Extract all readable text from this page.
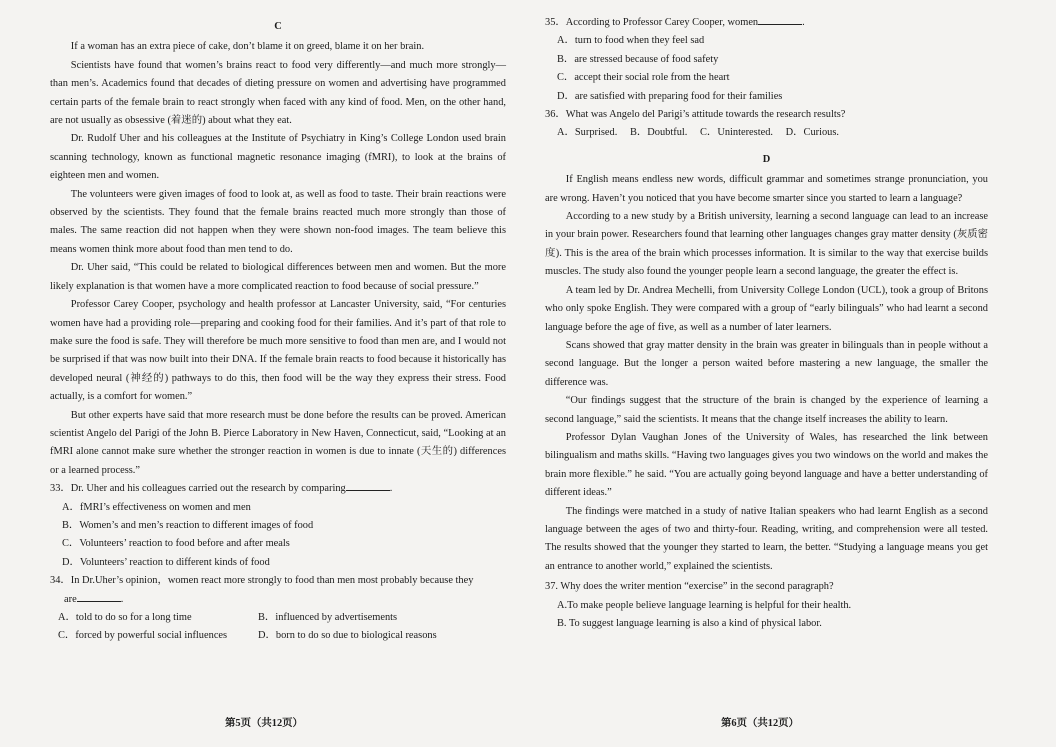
C

If a woman has an extra piece of cake, don’t blame it on greed, blame it on her brain.

Scientists have found that women’s brains react to food very differently—and much more strongly—than men’s. Academics found that decades of dieting pressure on women and advertising have programmed certain parts of the female brain to react strongly when faced with any kind of food. Men, on the other hand, are not usually as obsessive (着迷的) about what they eat.

Dr. Rudolf Uher and his colleagues at the Institute of Psychiatry in King’s College London used brain scanning technology, known as functional magnetic resonance imaging (fMRI), to look at the brains of eighteen men and women.

The volunteers were given images of food to look at, as well as food to taste. Their brain reactions were observed by the scientists. They found that the female brains reacted much more strongly than those of males. The same reaction did not happen when they were shown non-food images. The team believe this means women think more about food than men tend to do.

Dr. Uher said, “This could be related to biological differences between men and women. But the more likely explanation is that women have a more complicated reaction to food because of social pressure.”

Professor Carey Cooper, psychology and health professor at Lancaster University, said, “For centuries women have had a providing role—preparing and cooking food for their families. And it’s part of that role to make sure the food is safe. They will therefore be much more sensitive to food than men are, and I would not be surprised if that was now built into their DNA. If the female brain reacts to food because it historically has developed neural (神经的) pathways to do this, then food will be the way they express their stress. Food actually, is a comfort for women.”

But other experts have said that more research must be done before the results can be proved. American scientist Angelo del Parigi of the John B. Pierce Laboratory in New Haven, Connecticut, said, “Looking at an fMRI alone cannot make sure whether the stronger reaction in women is due to innate (天生的) differences or a learned process.”

33．Dr. Uher and his colleagues carried out the research by comparing	.
A．fMRI’s effectiveness on women and men
B．Women’s and men’s reaction to different images of food
C．Volunteers’ reaction to food before and after meals
D．Volunteers’ reaction to different kinds of food
34．In Dr.Uher’s opinion，women react more strongly to food than men most probably because they
are	.
A．told to do so for a long time	B．influenced by advertisements
C．forced by powerful social influences	D．born to do so due to biological reasons
35．According to Professor Carey Cooper, women	.
A．turn to food when they feel sad
B．are stressed because of food safety
C．accept their social role from the heart
D．are satisfied with preparing food for their families
36．What was Angelo del Parigi’s attitude towards the research results?
A．Surprised. B．Doubtful. C．Uninterested. D．Curious.
D

If English means endless new words, difficult grammar and sometimes strange pronunciation, you are wrong. Haven’t you noticed that you have become smarter since you started to learn a language?

According to a new study by a British university, learning a second language can lead to an increase in your brain power. Researchers found that learning other languages changes gray matter density (灰质密度). This is the area of the brain which processes information. It is similar to the way that exercise builds muscles. The study also found the younger people learn a second language, the greater the effect is.

A team led by Dr. Andrea Mechelli, from University College London (UCL), took a group of Britons who only spoke English. They were compared with a group of “early bilinguals” who had learnt a second language before the age of five, as well as a number of later learners.

Scans showed that gray matter density in the brain was greater in bilinguals than in people without a second language. But the longer a person waited before mastering a new language, the smaller the difference was.

“Our findings suggest that the structure of the brain is changed by the experience of learning a second language,” said the scientists. It means that the change itself increases the ability to learn.

Professor Dylan Vaughan Jones of the University of Wales, has researched the link between bilingualism and maths skills. “Having two languages gives you two windows on the world and makes the brain more flexible.” he said. “You are actually going beyond language and have a better understanding of different ideas.”

The findings were matched in a study of native Italian speakers who had learnt English as a second language between the ages of two and thirty-four. Reading, writing, and comprehension were all tested. The results showed that the younger they started to learn, the better. “Studying a language means you get an entrance to another world,” explained the scientists.

37. Why does the writer mention “exercise” in the second paragraph?
A.To make people believe language learning is helpful for their health.
B. To suggest language learning is also a kind of physical labor.
第5页（共12页）	第6页（共12页）
